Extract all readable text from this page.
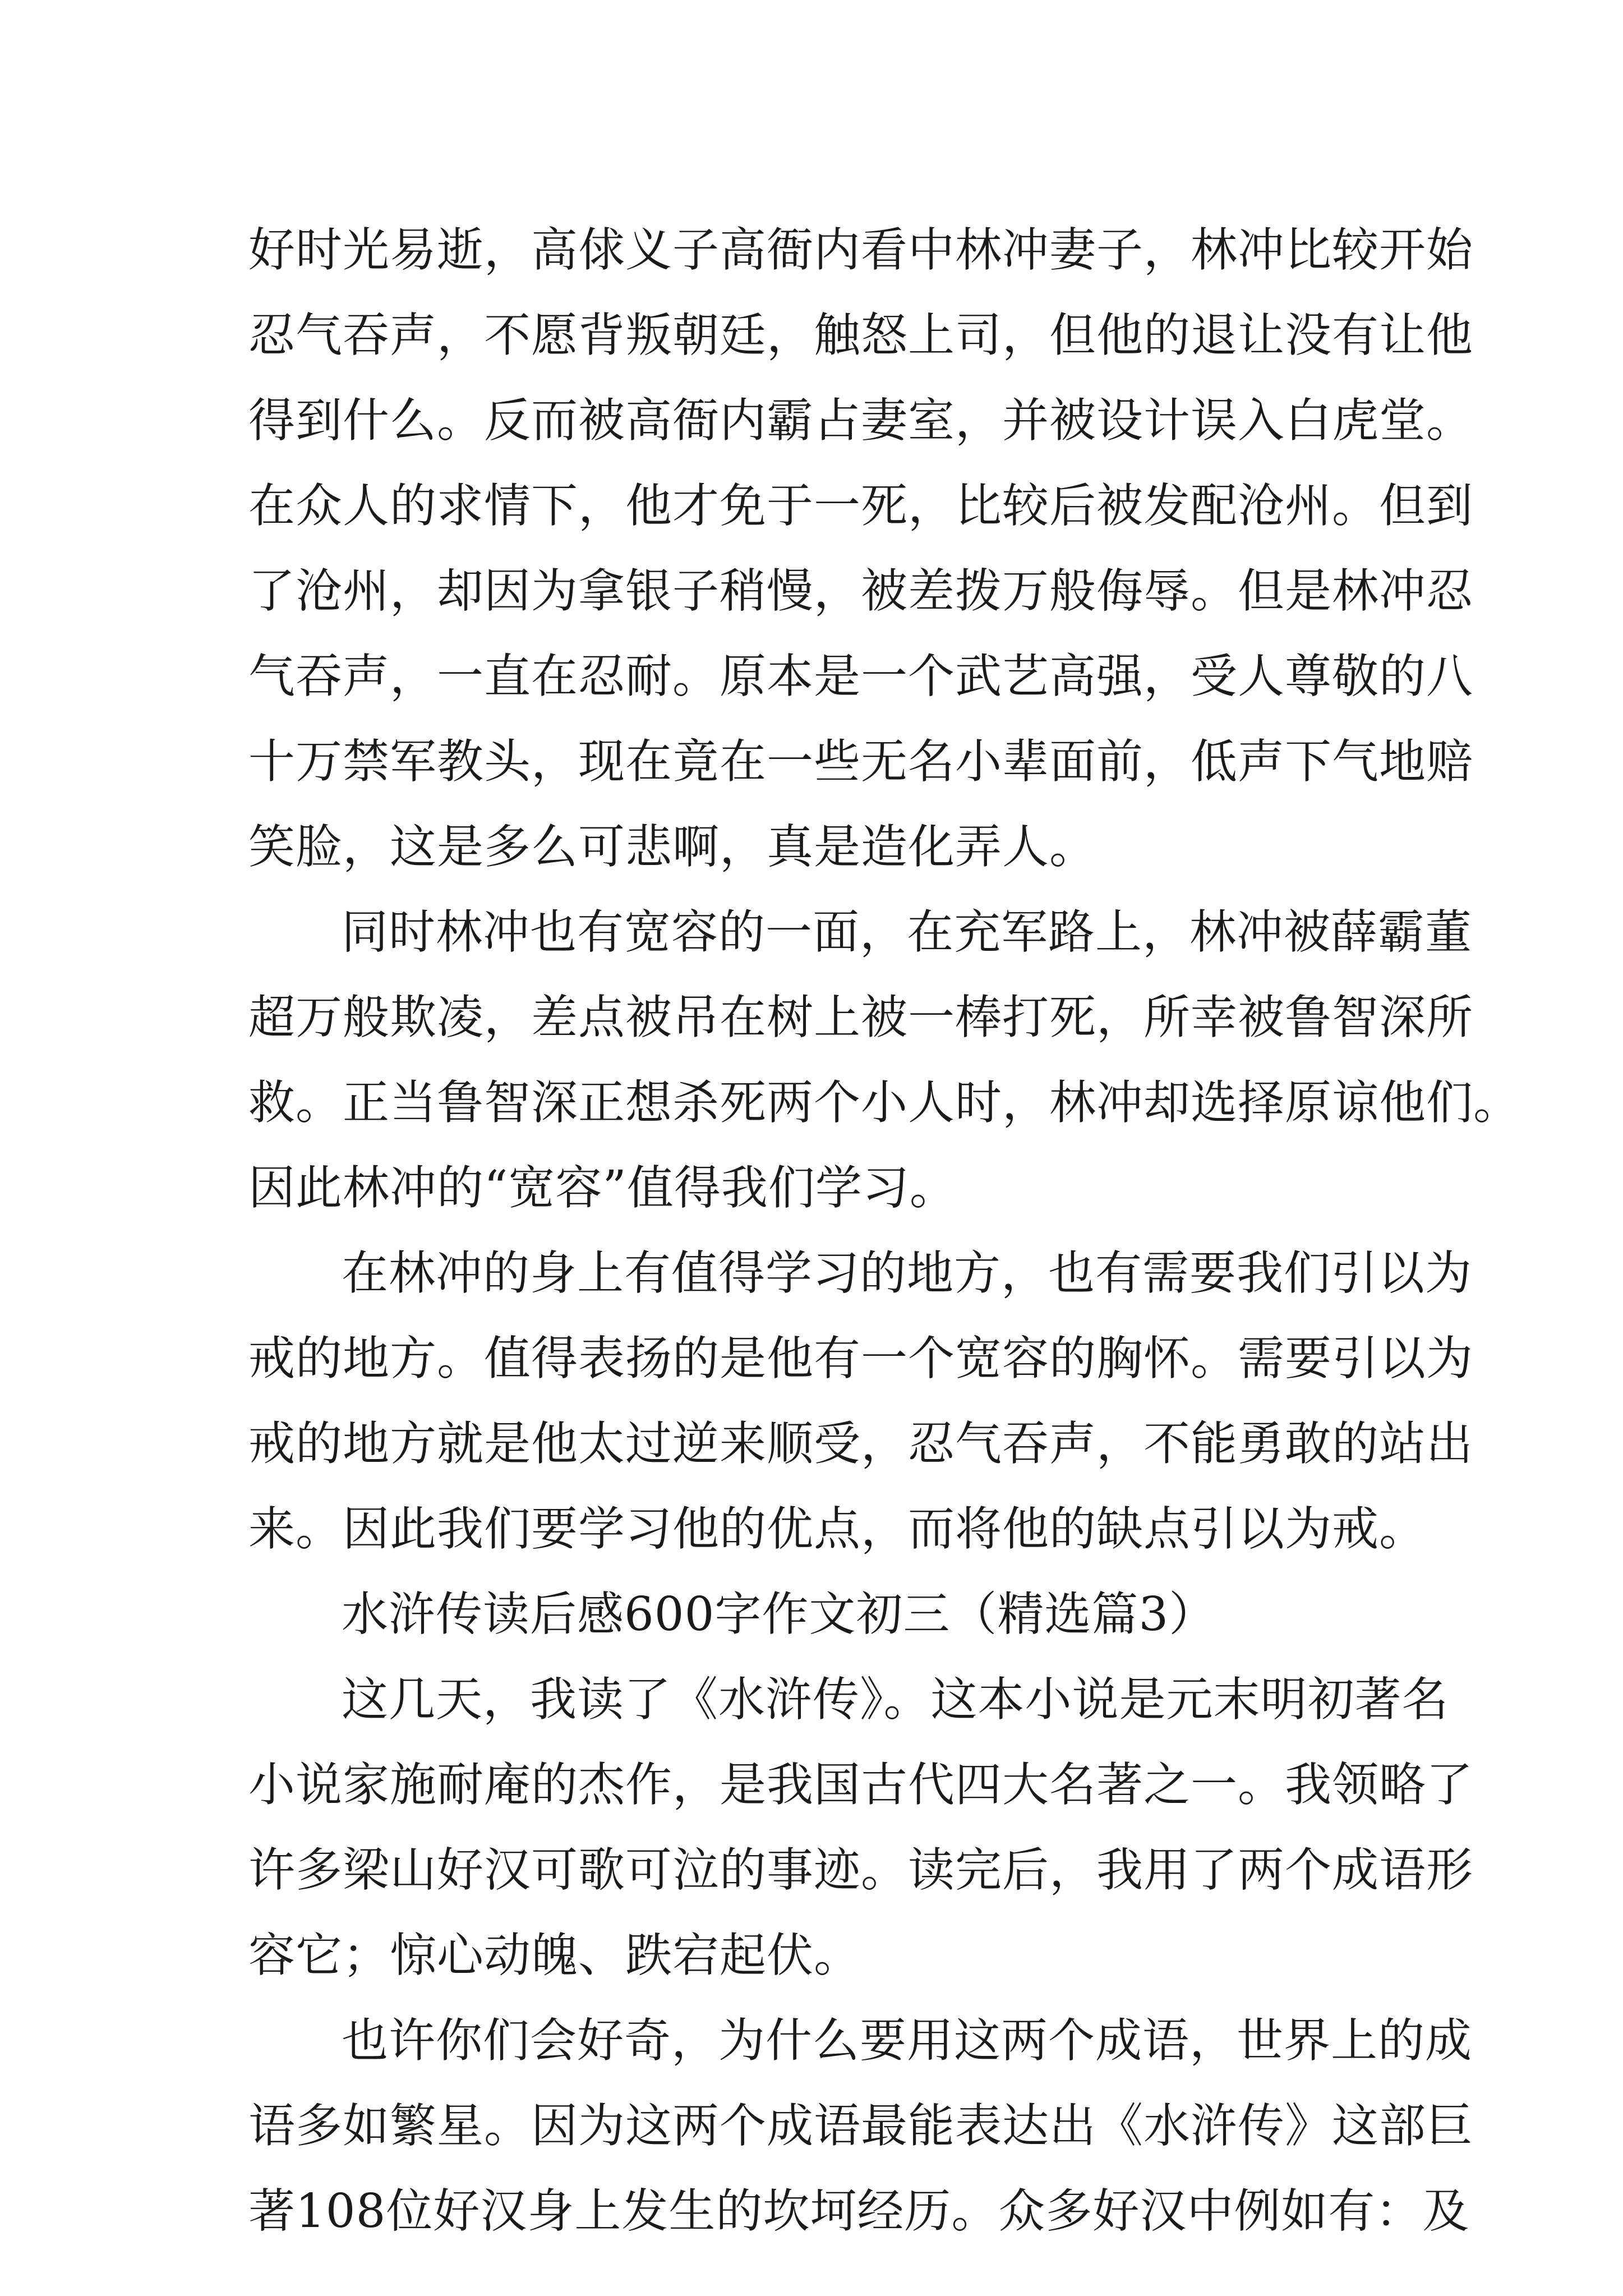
好时光易逝，高俅义子高衙内看中林冲妻子，林冲比较开始
忍气吞声，不愿背叛朝廷，触怒上司，但他的退让没有让他
得到什么。反而被高衙内霸占妻室，并被设计误入白虎堂。
在众人的求情下，他才免于一死，比较后被发配沧州。但到
了沧州，却因为拿银子稍慢，被差拨万般侮辱。但是林冲忍
气吞声，一直在忍耐。原本是一个武艺高强，受人尊敬的八
十万禁军教头，现在竟在一些无名小辈面前，低声下气地赔
笑脸，这是多么可悲啊，真是造化弄人。
同时林冲也有宽容的一面，在充军路上，林冲被薛霸董
超万般欺凌，差点被吊在树上被一棒打死，所幸被鲁智深所
救。正当鲁智深正想杀死两个小人时，林冲却选择原谅他们。
因此林冲的“宽容”值得我们学习。
在林冲的身上有值得学习的地方，也有需要我们引以为
戒的地方。值得表扬的是他有一个宽容的胸怀。需要引以为
戒的地方就是他太过逆来顺受，忍气吞声，不能勇敢的站出
来。因此我们要学习他的优点，而将他的缺点引以为戒。
水浒传读后感600字作文初三（精选篇3）
这几天，我读了《水浒传》。这本小说是元末明初著名
小说家施耐庵的杰作，是我国古代四大名著之一。我领略了
许多梁山好汉可歌可泣的事迹。读完后，我用了两个成语形
容它；惊心动魄、跌宕起伏。
也许你们会好奇，为什么要用这两个成语，世界上的成
语多如繁星。因为这两个成语最能表达出《水浒传》这部巨
著108位好汉身上发生的坎坷经历。众多好汉中例如有：及
